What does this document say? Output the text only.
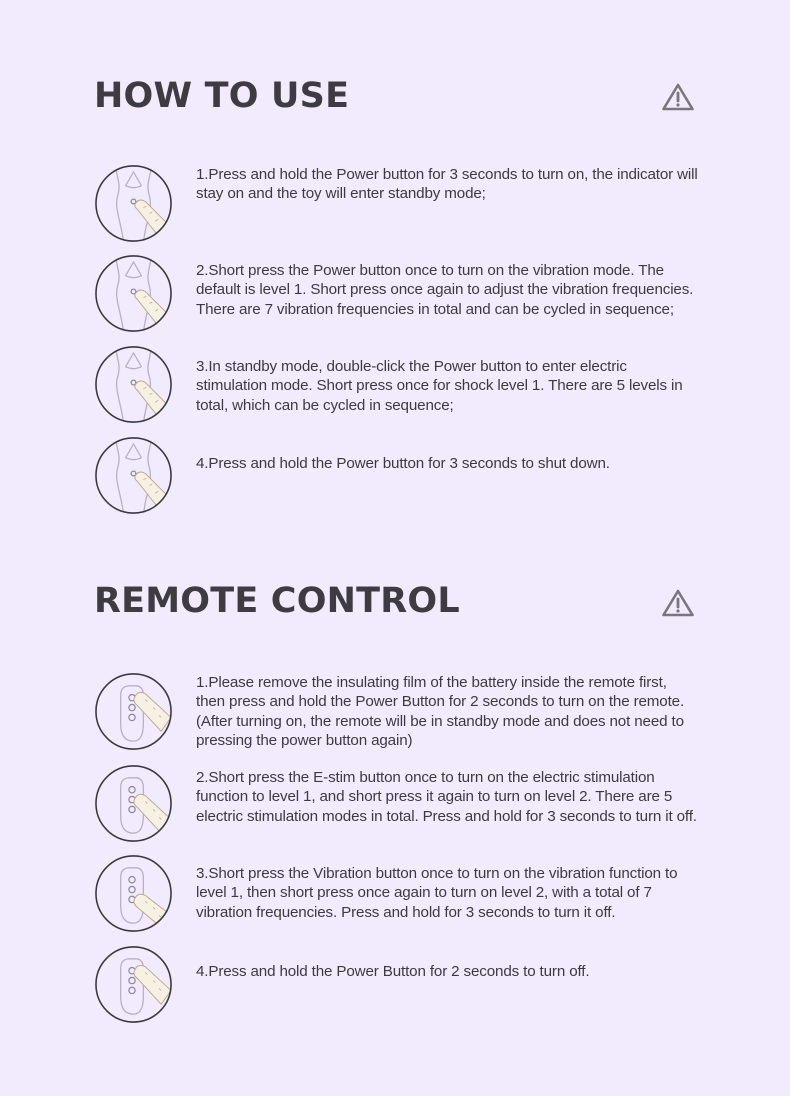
HOW TO USE

1.Press and hold the Power button for 3 seconds to turn on, the indicator will stay on and the toy will enter standby mode;

2.Short press the Power button once to turn on the vibration mode. The default is level 1. Short press once again to adjust the vibration frequencies. There are 7 vibration frequencies in total and can be cycled in sequence;

3.In standby mode, double-click the Power button to enter electric stimulation mode. Short press once for shock level 1. There are 5 levels in total, which can be cycled in sequence;

4.Press and hold the Power button for 3 seconds to shut down.

REMOTE CONTROL

1.Please remove the insulating film of the battery inside the remote first, then press and hold the Power Button for 2 seconds to turn on the remote. (After turning on, the remote will be in standby mode and does not need to pressing the power button again)

2.Short press the E-stim button once to turn on the electric stimulation function to level 1, and short press it again to turn on level 2. There are 5 electric stimulation modes in total. Press and hold for 3 seconds to turn it off.

3.Short press the Vibration button once to turn on the vibration function to level 1, then short press once again to turn on level 2, with a total of 7 vibration frequencies. Press and hold for 3 seconds to turn it off.

4.Press and hold the Power Button for 2 seconds to turn off.
